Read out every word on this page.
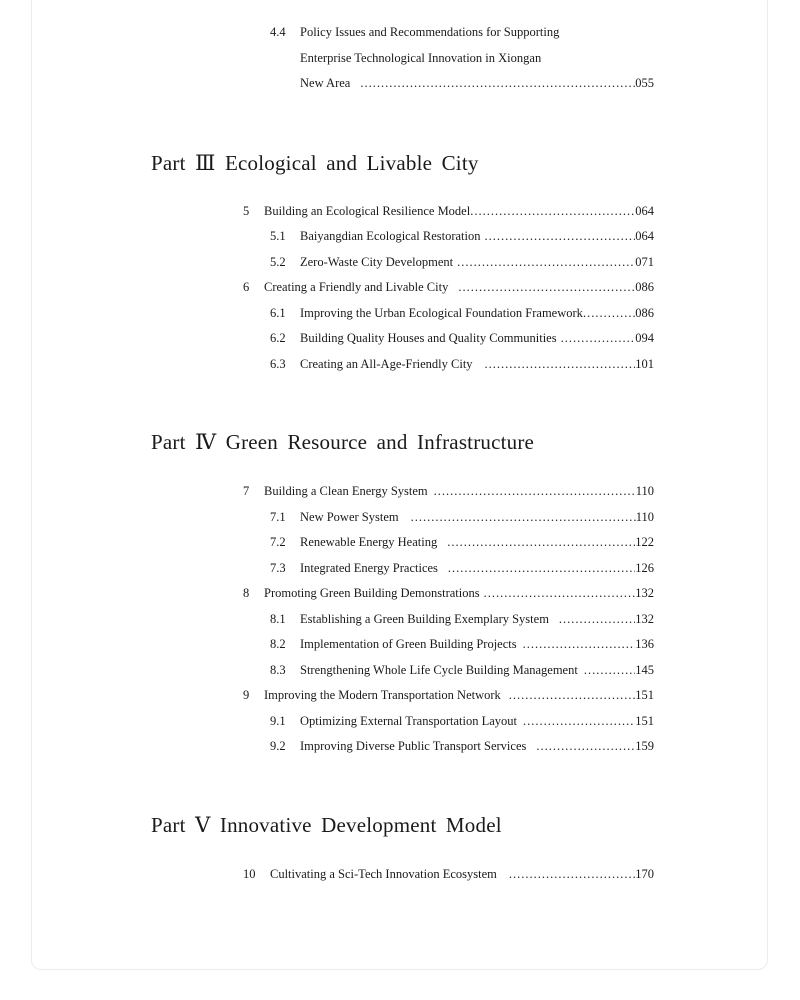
4.4 Policy Issues and Recommendations for Supporting
Enterprise Technological Innovation in Xiongan
New Area .....	055
Part Ⅲ Ecological and Livable City
5 Building an Ecological Resilience Model .....	064
5.1 Baiyangdian Ecological Restoration .....	064
5.2 Zero-Waste City Development .....	071
6 Creating a Friendly and Livable City .....	086
6.1 Improving the Urban Ecological Foundation Framework .....	086
6.2 Building Quality Houses and Quality Communities .....	094
6.3 Creating an All-Age-Friendly City .....	101
Part Ⅳ Green Resource and Infrastructure
7 Building a Clean Energy System .....	110
7.1 New Power System .....	110
7.2 Renewable Energy Heating .....	122
7.3 Integrated Energy Practices .....	126
8 Promoting Green Building Demonstrations .....	132
8.1 Establishing a Green Building Exemplary System .....	132
8.2 Implementation of Green Building Projects .....	136
8.3 Strengthening Whole Life Cycle Building Management .....	145
9 Improving the Modern Transportation Network .....	151
9.1 Optimizing External Transportation Layout .....	151
9.2 Improving Diverse Public Transport Services .....	159
Part Ⅴ Innovative Development Model
10 Cultivating a Sci-Tech Innovation Ecosystem .....	170
